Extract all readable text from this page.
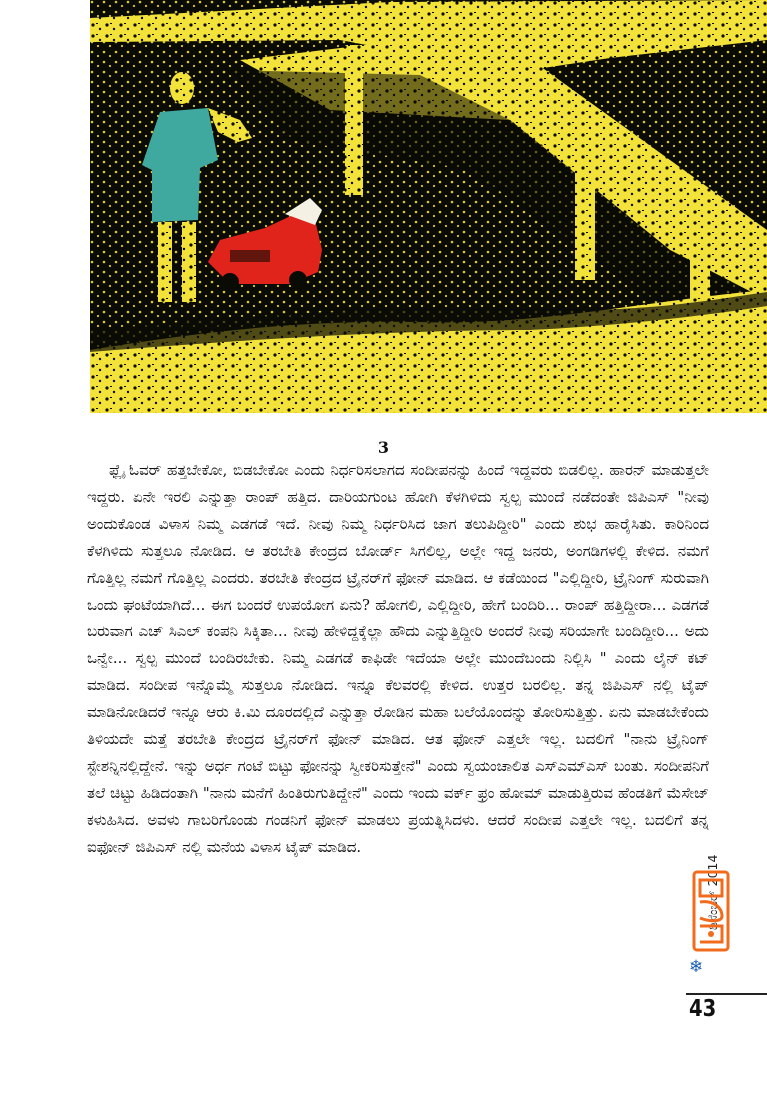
3

ಫ್ಲೈ ಓವರ್ ಹತ್ತಬೇಕೋ, ಬಿಡಬೇಕೋ ಎಂದು ನಿರ್ಧರಿಸಲಾಗದ ಸಂದೀಪನನ್ನು ಹಿಂದೆ ಇದ್ದವರು ಬಿಡಲಿಲ್ಲ. ಹಾರನ್ ಮಾಡುತ್ತಲೇ ಇದ್ದರು. ಏನೇ ಇರಲಿ ಎನ್ನುತ್ತಾ ರಾಂಪ್ ಹತ್ತಿದ. ದಾರಿಯಗುಂಟ ಹೋಗಿ ಕೆಳಗಿಳಿದು ಸ್ವಲ್ಪ ಮುಂದೆ ನಡೆದಂತೇ ಜಿಪಿಎಸ್ "ನೀವು ಅಂದುಕೊಂಡ ವಿಳಾಸ ನಿಮ್ಮ ಎಡಗಡೆ ಇದೆ. ನೀವು ನಿಮ್ಮ ನಿರ್ಧರಿಸಿದ ಜಾಗ ತಲುಪಿದ್ದೀರಿ" ಎಂದು ಶುಭ ಹಾರೈಸಿತು. ಕಾರಿನಿಂದ ಕೆಳಗಿಳಿದು ಸುತ್ತಲೂ ನೋಡಿದ. ಆ ತರಬೇತಿ ಕೇಂದ್ರದ ಬೋರ್ಡ್ ಸಿಗಲಿಲ್ಲ, ಅಲ್ಲೇ ಇದ್ದ ಜನರು, ಅಂಗಡಿಗಳಲ್ಲಿ ಕೇಳಿದ. ನಮಗೆ ಗೊತ್ತಿಲ್ಲ ನಮಗೆ ಗೊತ್ತಿಲ್ಲ ಎಂದರು. ತರಬೇತಿ ಕೇಂದ್ರದ ಟ್ರೈನರ್‌ಗೆ ಫೋನ್ ಮಾಡಿದ. ಆ ಕಡೆಯಿಂದ "ಎಲ್ಲಿದ್ದೀರಿ, ಟ್ರೈನಿಂಗ್ ಸುರುವಾಗಿ ಒಂದು ಘಂಟೆಯಾಗಿದೆ... ಈಗ ಬಂದರೆ ಉಪಯೋಗ ಏನು? ಹೋಗಲಿ, ಎಲ್ಲಿದ್ದೀರಿ, ಹೇಗೆ ಬಂದಿರಿ... ರಾಂಪ್ ಹತ್ತಿದ್ದೀರಾ... ಎಡಗಡೆ ಬರುವಾಗ ಎಚ್ ಸಿಎಲ್ ಕಂಪನಿ ಸಿಕ್ಕಿತಾ... ನೀವು ಹೇಳಿದ್ದಕ್ಕೆಲ್ಲಾ ಹೌದು ಎನ್ನುತ್ತಿದ್ದೀರಿ ಅಂದರೆ ನೀವು ಸರಿಯಾಗೇ ಬಂದಿದ್ದೀರಿ... ಅದು ಒನ್ವೇ... ಸ್ವಲ್ಪ ಮುಂದೆ ಬಂದಿರಬೇಕು. ನಿಮ್ಮ ಎಡಗಡೆ ಕಾಫಿಡೇ ಇದೆಯಾ ಅಲ್ಲೇ ಮುಂದೆಬಂದು ನಿಲ್ಲಿಸಿ " ಎಂದು ಲೈನ್ ಕಟ್ ಮಾಡಿದ. ಸಂದೀಪ ಇನ್ನೊಮ್ಮೆ ಸುತ್ತಲೂ ನೋಡಿದ. ಇನ್ನೂ ಕೆಲವರಲ್ಲಿ ಕೇಳಿದ. ಉತ್ತರ ಬರಲಿಲ್ಲ. ತನ್ನ ಜಿಪಿಎಸ್ ನಲ್ಲಿ ಟೈಪ್ ಮಾಡಿನೋಡಿದರೆ ಇನ್ನೂ ಆರು ಕಿ.ಮಿ ದೂರದಲ್ಲಿದೆ ಎನ್ನುತ್ತಾ ರೋಡಿನ ಮಹಾ ಬಲೆಯೊಂದನ್ನು ತೋರಿಸುತ್ತಿತ್ತು. ಏನು ಮಾಡಬೇಕೆಂದು ತಿಳಿಯದೇ ಮತ್ತೆ ತರಬೇತಿ ಕೇಂದ್ರದ ಟ್ರೈನರ್‌ಗೆ ಫೋನ್ ಮಾಡಿದ. ಆತ ಫೋನ್ ಎತ್ತಲೇ ಇಲ್ಲ. ಬದಲಿಗೆ "ನಾನು ಟ್ರೈನಿಂಗ್ ಸ್ಟೇಶನ್ನಿನಲ್ಲಿದ್ದೇನೆ. ಇನ್ನು ಅರ್ಧ ಗಂಟೆ ಬಿಟ್ಟು ಫೋನನ್ನು ಸ್ವೀಕರಿಸುತ್ತೇನೆ" ಎಂದು ಸ್ವಯಂಚಾಲಿತ ಎಸ್‌ಎಮ್‌ಎಸ್ ಬಂತು. ಸಂದೀಪನಿಗೆ ತಲೆ ಚಿಟ್ಟು ಹಿಡಿದಂತಾಗಿ "ನಾನು ಮನೆಗೆ ಹಿಂತಿರುಗುತಿದ್ದೇನೆ" ಎಂದು ಇಂದು ವರ್ಕ್ ಫ್ರಂ ಹೋಮ್ ಮಾಡುತ್ತಿರುವ ಹೆಂಡತಿಗೆ ಮೆಸೇಜ್ ಕಳುಹಿಸಿದ. ಅವಳು ಗಾಬರಿಗೊಂಡು ಗಂಡನಿಗೆ ಫೋನ್ ಮಾಡಲು ಪ್ರಯತ್ನಿಸಿದಳು. ಆದರೆ ಸಂದೀಪ ಎತ್ತಲೇ ಇಲ್ಲ. ಬದಲಿಗೆ ತನ್ನ ಐಫೋನ್ ಜಿಪಿಎಸ್ ನಲ್ಲಿ ಮನೆಯ ವಿಳಾಸ ಟೈಪ್ ಮಾಡಿದ.

ಡಿಸೆಂಬರ್ 2014
❄
43
